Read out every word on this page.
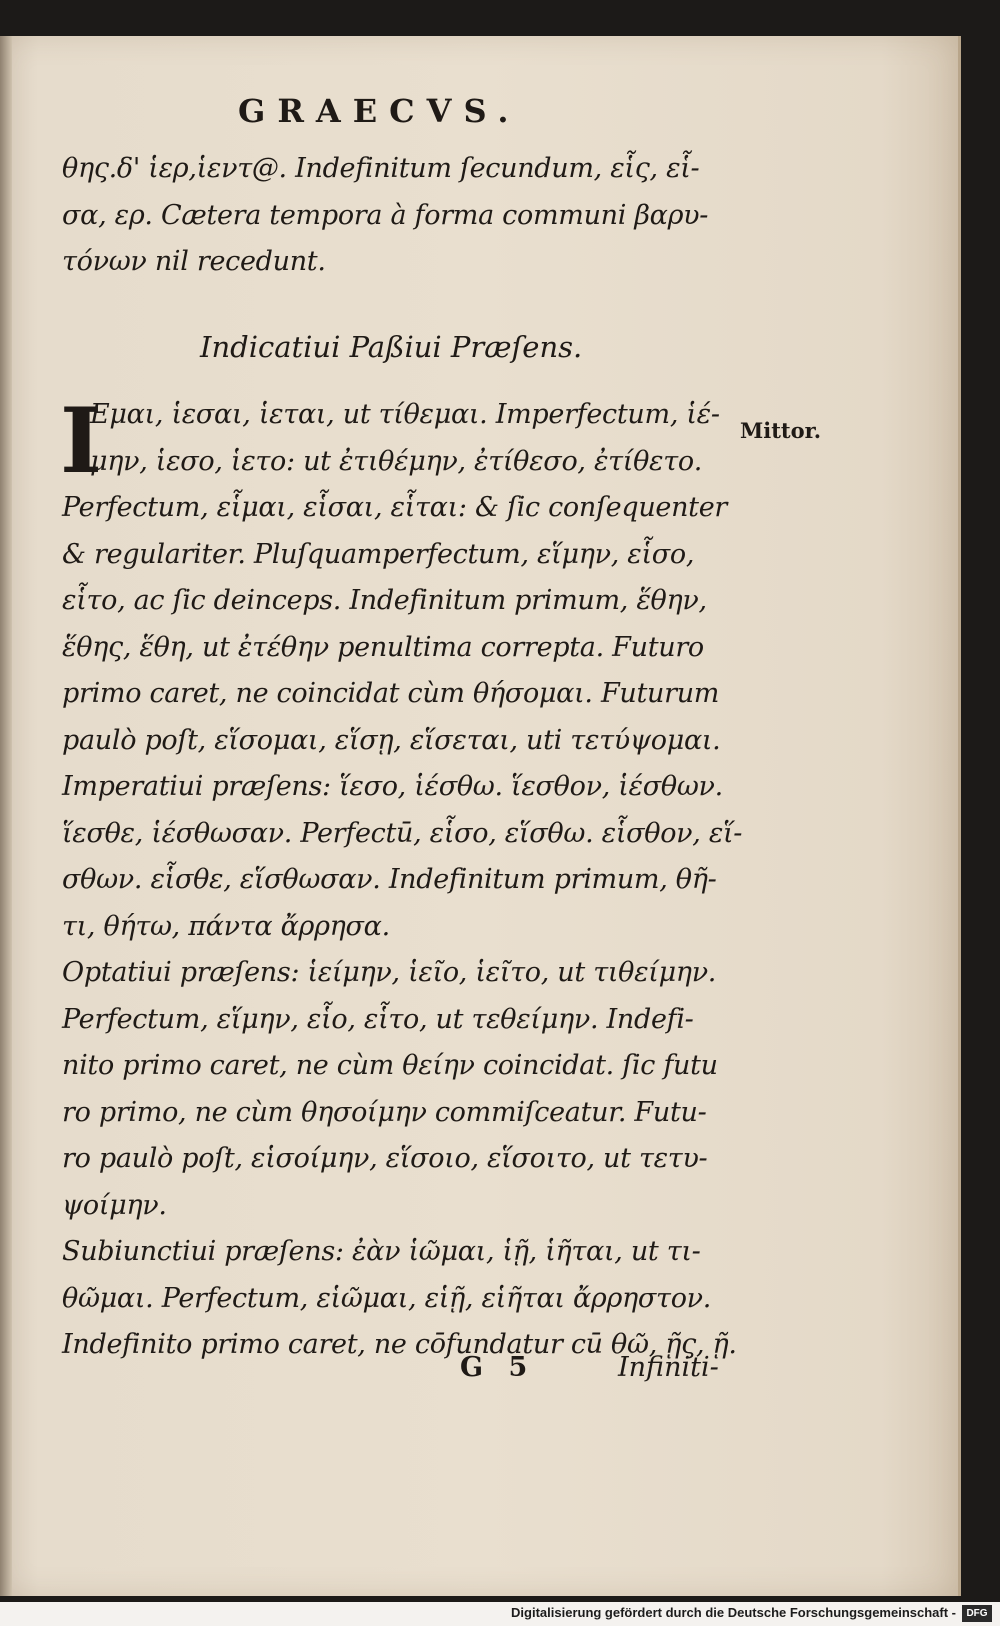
GRAECVS.
θης.δ' ἱερ,ἱεντ@. Indefinitum ſecundum, εἷς, εἷ-
σα, ερ. Cætera tempora à forma communi βαρυ-
τόνων nil recedunt.
Indicatiui Paßiui Præſens.
I	Mittor.
Eμαι, ἱεσαι, ἱεται, ut τίθεμαι. Imperfectum, ἱέ-
μην, ἱεσο, ἱετο: ut ἐτιθέμην, ἐτίθεσο, ἐτίθετο.
Perfectum, εἷμαι, εἷσαι, εἷται: & ſic conſequenter
& regulariter. Pluſquamperfectum, εἵμην, εἷσο,
εἷτο, ac ſic deinceps. Indefinitum primum, ἕθην,
ἕθης, ἕθη, ut ἐτέθην penultima correpta. Futuro
primo caret, ne coincidat cùm θήσομαι. Futurum
paulò poſt, εἵσομαι, εἵσῃ, εἵσεται, uti τετύψομαι.
Imperatiui præſens: ἵεσο, ἱέσθω. ἵεσθον, ἱέσθων.
ἵεσθε, ἱέσθωσαν. Perfectū, εἷσο, εἵσθω. εἷσθον, εἵ-
σθων. εἷσθε, εἵσθωσαν. Indefinitum primum, θῆ-
τι, θήτω, πάντα ἄρρησα.
Optatiui præſens: ἱείμην, ἱεῖο, ἱεῖτο, ut τιθείμην.
Perfectum, εἵμην, εἷο, εἷτο, ut τεθείμην. Indefi-
nito primo caret, ne cùm θείην coincidat. ſic futu
ro primo, ne cùm θησοίμην commiſceatur. Futu-
ro paulò poſt, εἱσοίμην, εἵσοιο, εἵσοιτο, ut τετυ-
ψοίμην.
Subiunctiui præſens: ἐὰν ἱῶμαι, ἱῇ, ἱῆται, ut τι-
θῶμαι. Perfectum, εἱῶμαι, εἱῇ, εἱῆται ἄρρηστον.
Indefinito primo caret, ne cōfundatur cū θῶ, ῇς, ῇ.
G 5	Infiniti-
Digitalisierung gefördert durch die Deutsche Forschungsgemeinschaft -	DFG
